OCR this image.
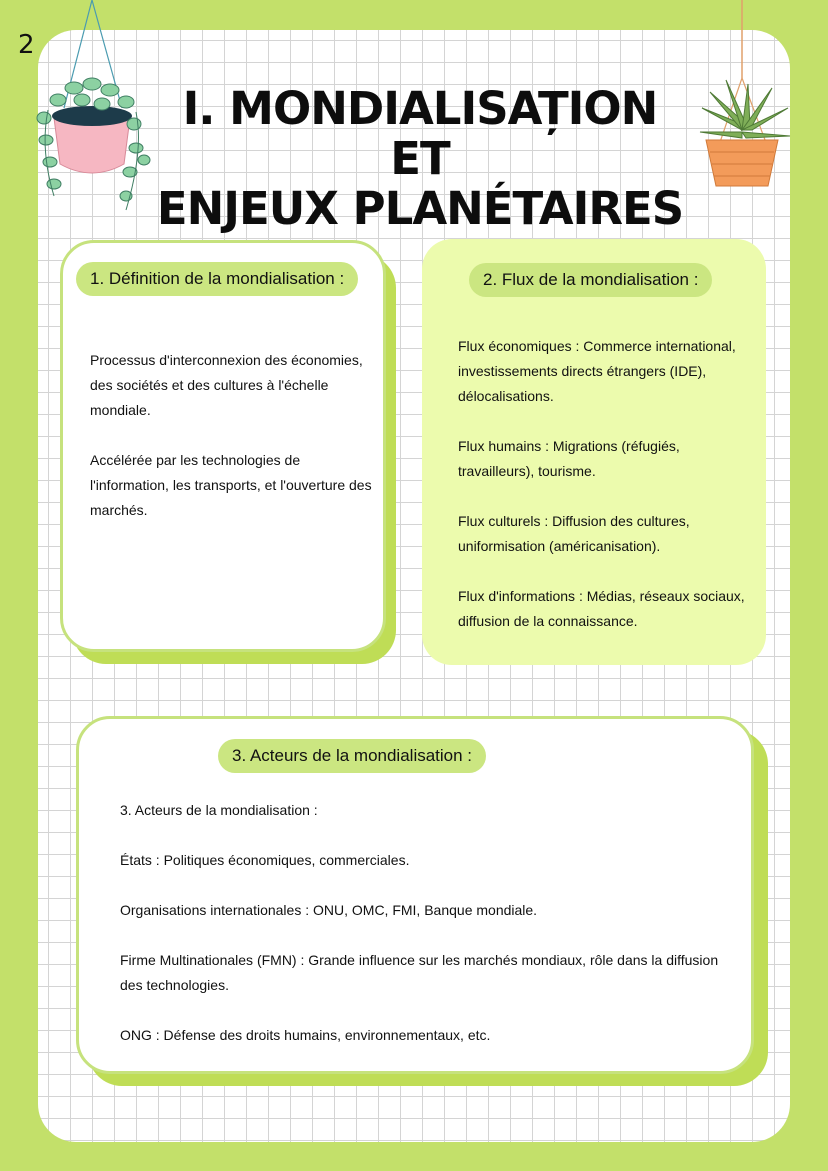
2
I. MONDIALISAȚION ET
ENJEUX PLANÉTAIRES
1. Définition de la mondialisation :

Processus d'interconnexion des économies, des sociétés et des cultures à l'échelle mondiale.

Accélérée par les technologies de l'information, les transports, et l'ouverture des marchés.

2. Flux de la mondialisation :

Flux économiques : Commerce international, investissements directs étrangers (IDE), délocalisations.

Flux humains : Migrations (réfugiés, travailleurs), tourisme.

Flux culturels : Diffusion des cultures, uniformisation (américanisation).

Flux d'informations : Médias, réseaux sociaux, diffusion de la connaissance.

3. Acteurs de la mondialisation :

3. Acteurs de la mondialisation :

États : Politiques économiques, commerciales.

Organisations internationales : ONU, OMC, FMI, Banque mondiale.

Firme Multinationales (FMN) : Grande influence sur les marchés mondiaux, rôle dans la diffusion des technologies.

ONG : Défense des droits humains, environnementaux, etc.
